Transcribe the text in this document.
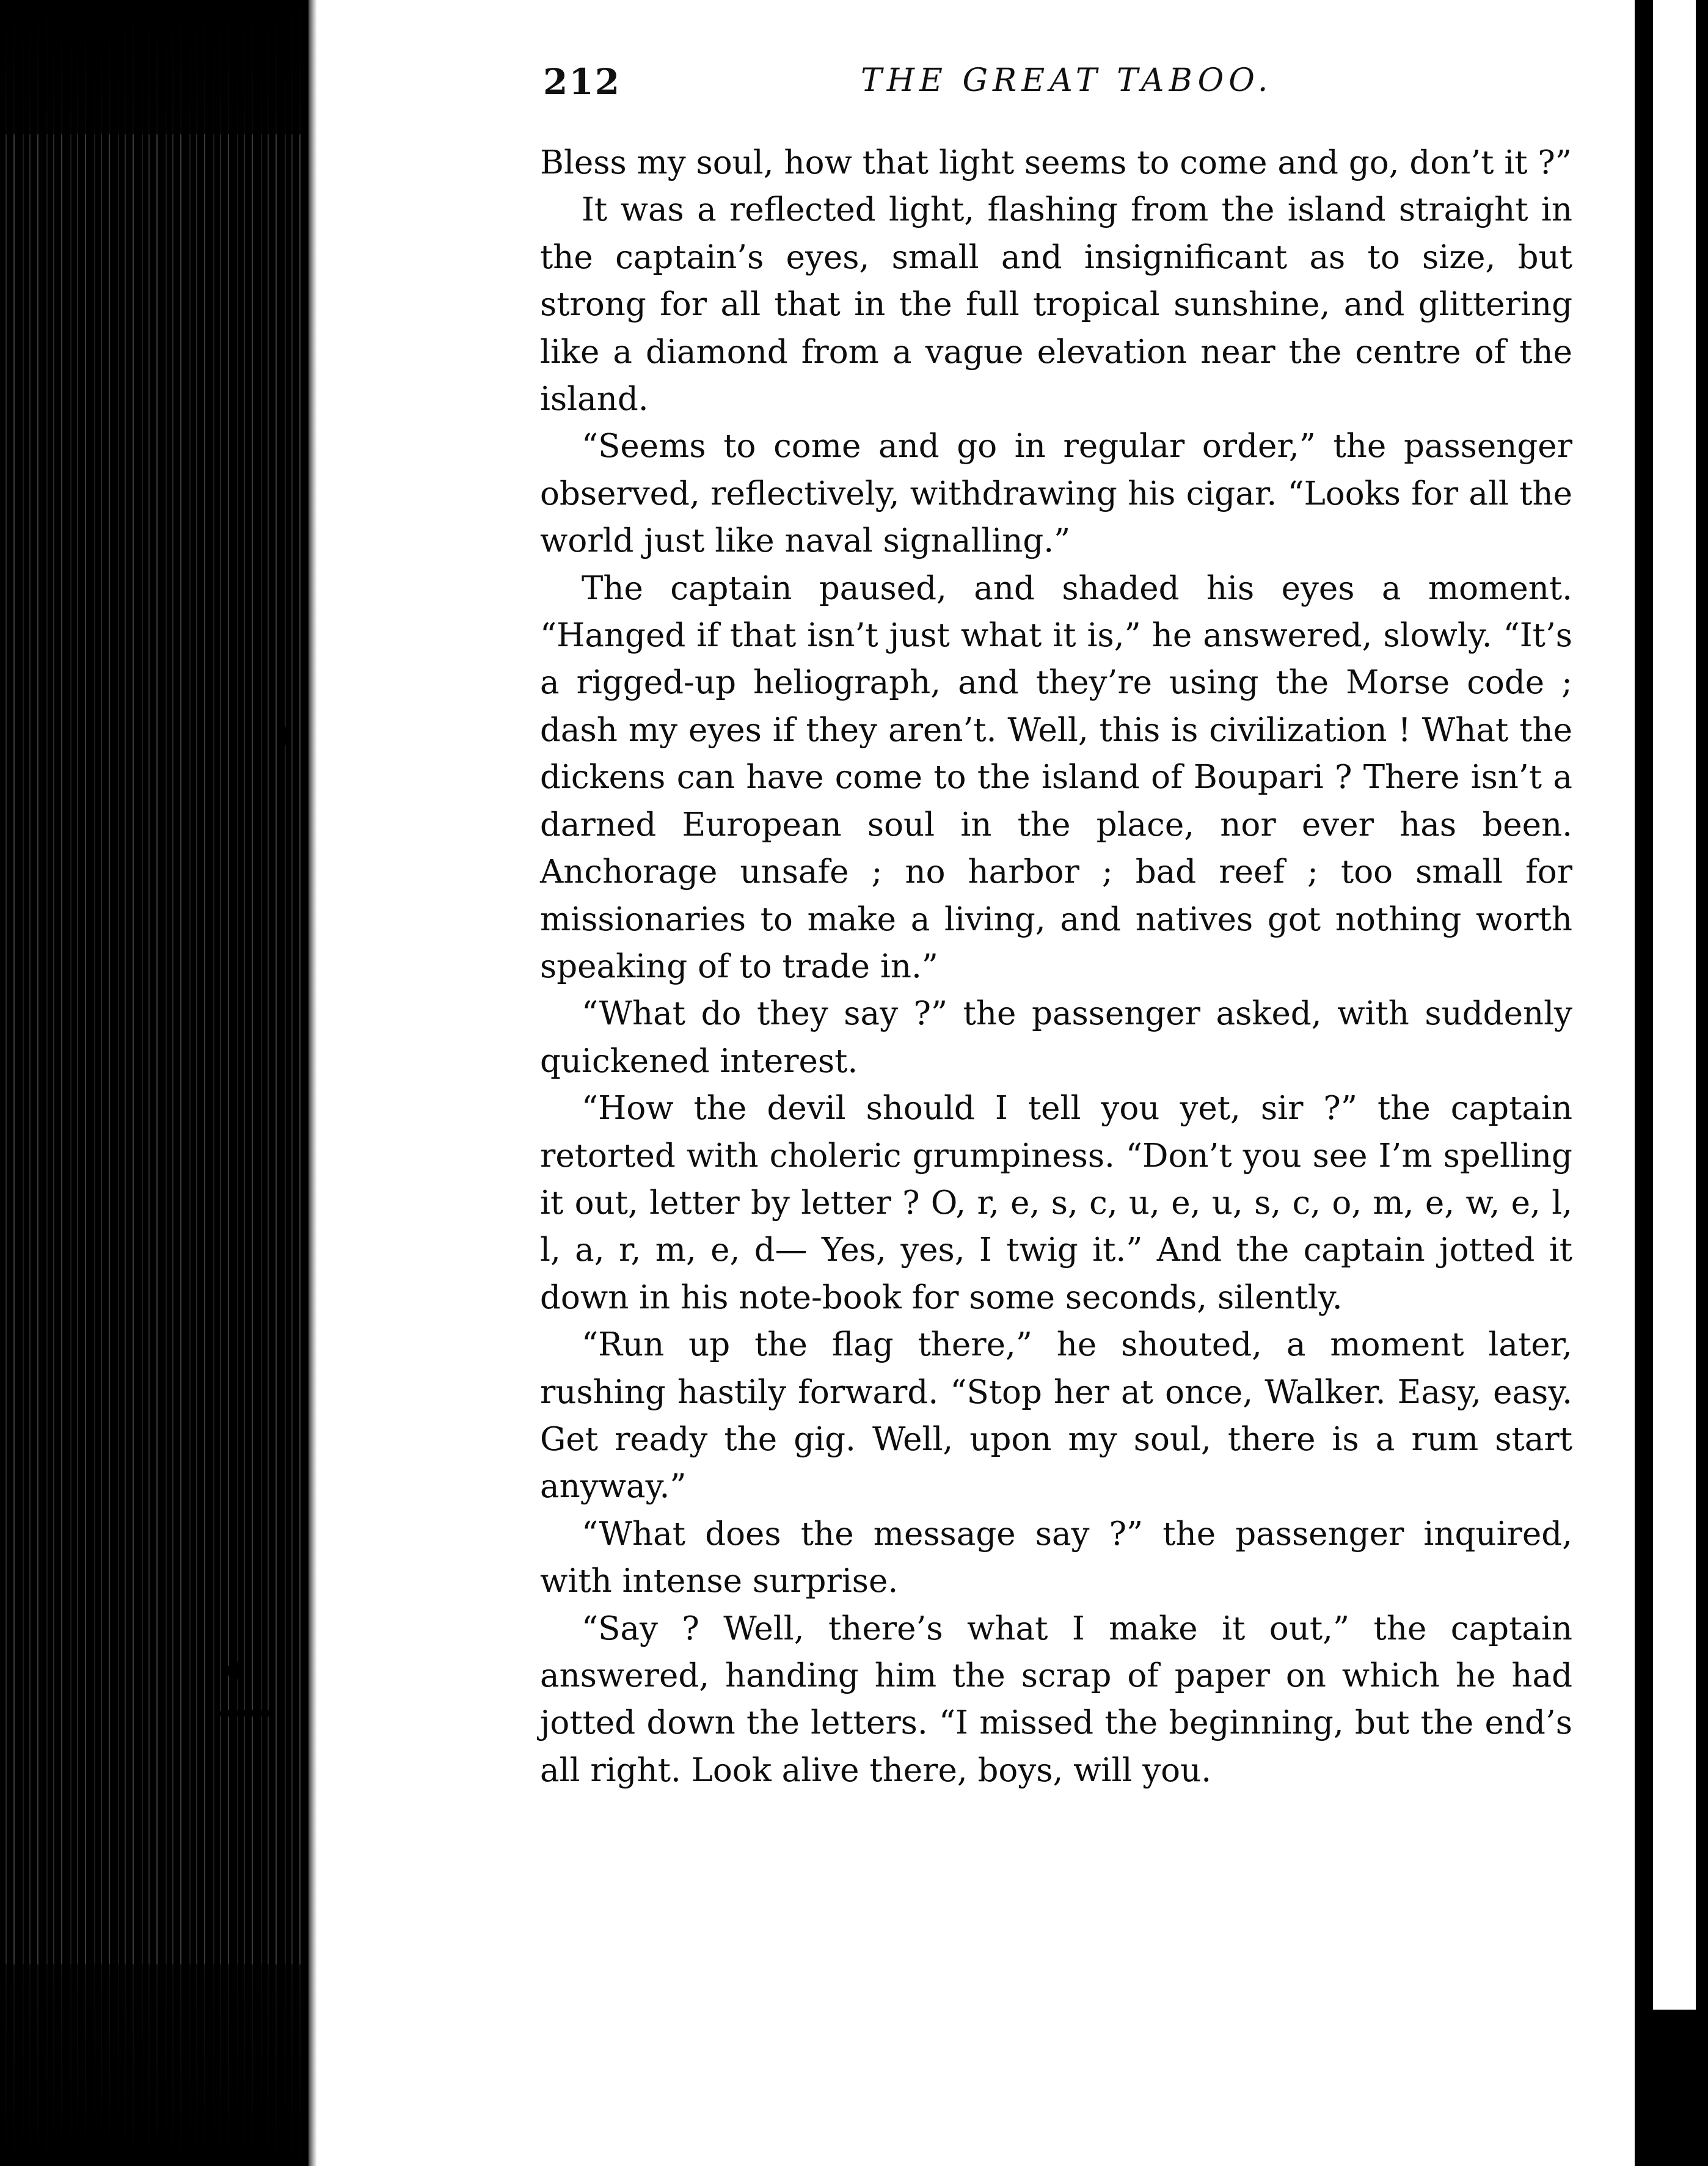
212	THE GREAT TABOO.

Bless my soul, how that light seems to come and go, don’t it ?”

It was a reflected light, flashing from the island straight in the captain’s eyes, small and insignificant as to size, but strong for all that in the full tropical sunshine, and glittering like a diamond from a vague elevation near the centre of the island.

“Seems to come and go in regular order,” the passenger observed, reflectively, withdrawing his cigar. “Looks for all the world just like naval signalling.”

The captain paused, and shaded his eyes a moment. “Hanged if that isn’t just what it is,” he answered, slowly. “It’s a rigged-up heliograph, and they’re using the Morse code ; dash my eyes if they aren’t. Well, this is civilization ! What the dickens can have come to the island of Boupari ? There isn’t a darned European soul in the place, nor ever has been. Anchorage unsafe ; no harbor ; bad reef ; too small for missionaries to make a living, and natives got nothing worth speaking of to trade in.”

“What do they say ?” the passenger asked, with suddenly quickened interest.

“How the devil should I tell you yet, sir ?” the captain retorted with choleric grumpiness. “Don’t you see I’m spelling it out, letter by letter ? O, r, e, s, c, u, e, u, s, c, o, m, e, w, e, l, l, a, r, m, e, d— Yes, yes, I twig it.” And the captain jotted it down in his note-book for some seconds, silently.

“Run up the flag there,” he shouted, a moment later, rushing hastily forward. “Stop her at once, Walker. Easy, easy. Get ready the gig. Well, upon my soul, there is a rum start anyway.”

“What does the message say ?” the passenger inquired, with intense surprise.

“Say ? Well, there’s what I make it out,” the captain answered, handing him the scrap of paper on which he had jotted down the letters. “I missed the beginning, but the end’s all right. Look alive there, boys, will you.
